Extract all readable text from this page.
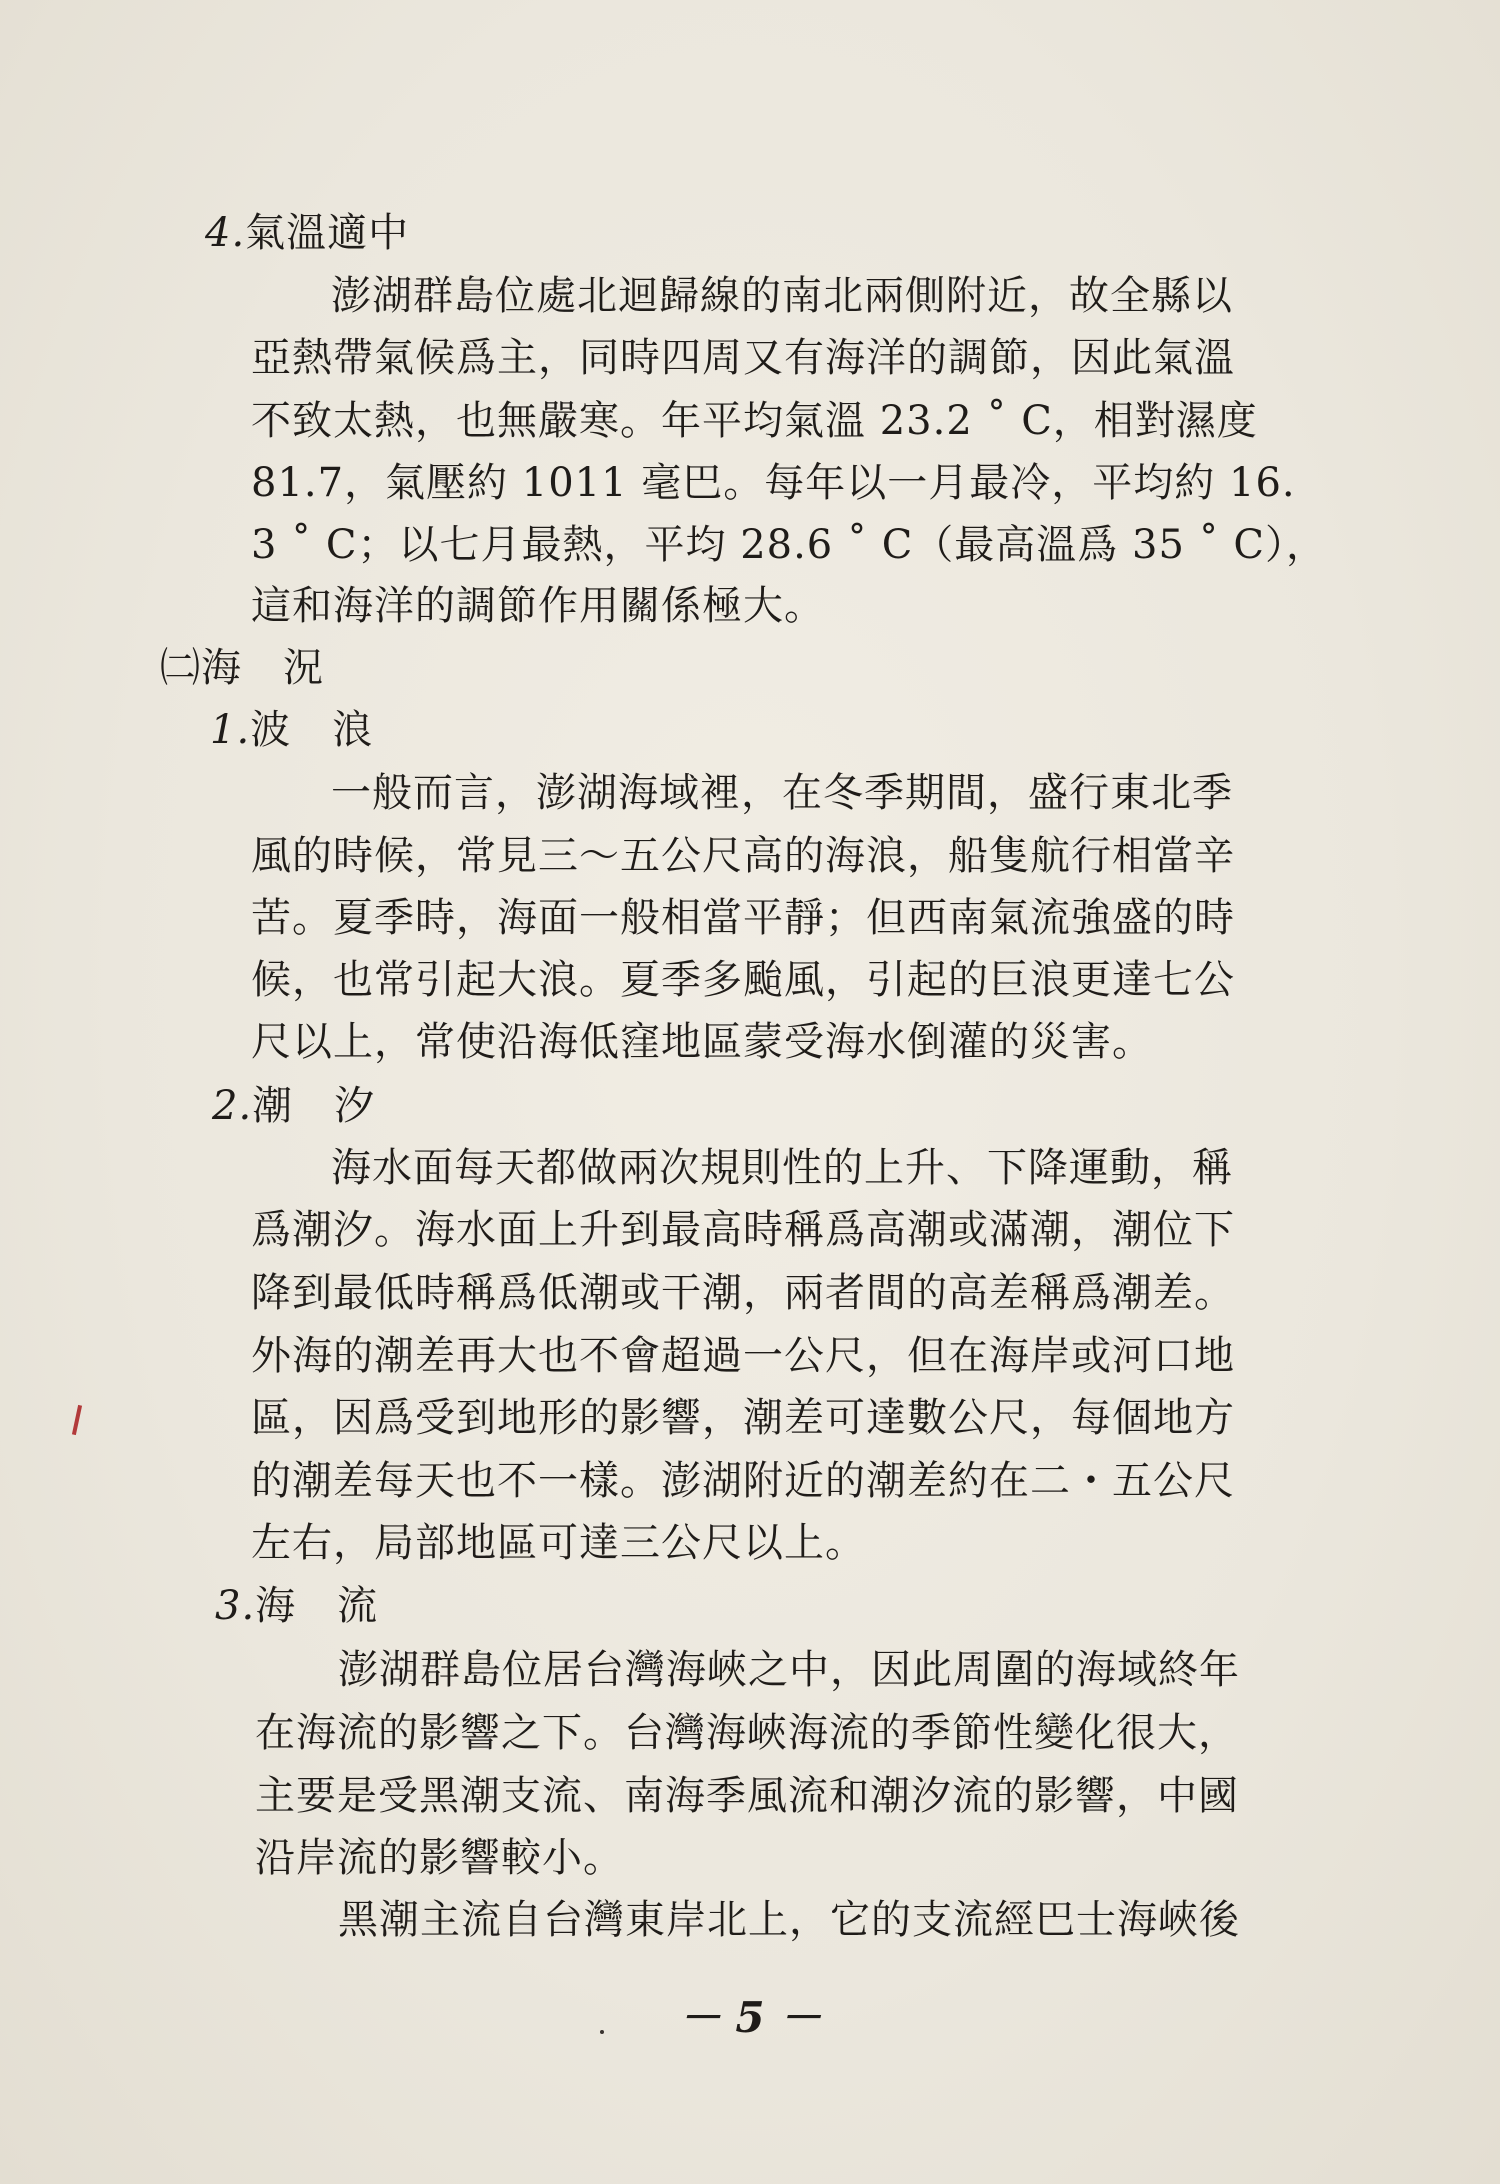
4.氣溫適中
澎湖群島位處北迴歸線的南北兩側附近，故全縣以
亞熱帶氣候爲主，同時四周又有海洋的調節，因此氣溫
不致太熱，也無嚴寒。年平均氣溫 23.2 ˚ C，相對濕度
81.7，氣壓約 1011 毫巴。每年以一月最冷，平均約 16.
3 ˚ C；以七月最熱，平均 28.6 ˚ C（最高溫爲 35 ˚ C），
這和海洋的調節作用關係極大。
㈡海　況
1.波　浪
一般而言，澎湖海域裡，在冬季期間，盛行東北季
風的時候，常見三～五公尺高的海浪，船隻航行相當辛
苦。夏季時，海面一般相當平靜；但西南氣流強盛的時
候，也常引起大浪。夏季多颱風，引起的巨浪更達七公
尺以上，常使沿海低窪地區蒙受海水倒灌的災害。
2.潮　汐
海水面每天都做兩次規則性的上升、下降運動，稱
爲潮汐。海水面上升到最高時稱爲高潮或滿潮，潮位下
降到最低時稱爲低潮或干潮，兩者間的高差稱爲潮差。
外海的潮差再大也不會超過一公尺，但在海岸或河口地
區，因爲受到地形的影響，潮差可達數公尺，每個地方
的潮差每天也不一樣。澎湖附近的潮差約在二・五公尺
左右，局部地區可達三公尺以上。
3.海　流
澎湖群島位居台灣海峽之中，因此周圍的海域終年
在海流的影響之下。台灣海峽海流的季節性變化很大，
主要是受黑潮支流、南海季風流和潮汐流的影響，中國
沿岸流的影響較小。
黑潮主流自台灣東岸北上，它的支流經巴士海峽後
－ 5 －
